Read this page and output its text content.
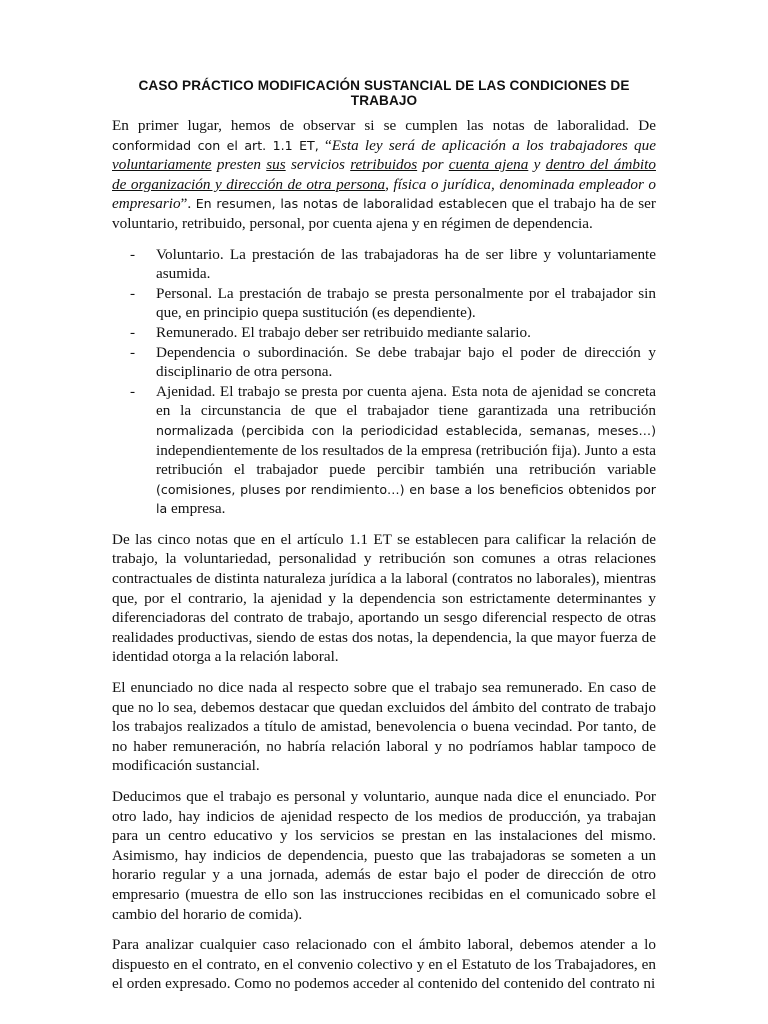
CASO PRÁCTICO MODIFICACIÓN SUSTANCIAL DE LAS CONDICIONES DE TRABAJO

En primer lugar, hemos de observar si se cumplen las notas de laboralidad. De conformidad con el art. 1.1 ET, “Esta ley será de aplicación a los trabajadores que voluntariamente presten sus servicios retribuidos por cuenta ajena y dentro del ámbito de organización y dirección de otra persona, física o jurídica, denominada empleador o empresario”. En resumen, las notas de laboralidad establecen que el trabajo ha de ser voluntario, retribuido, personal, por cuenta ajena y en régimen de dependencia.

- Voluntario. La prestación de las trabajadoras ha de ser libre y voluntariamente asumida.
- Personal. La prestación de trabajo se presta personalmente por el trabajador sin que, en principio quepa sustitución (es dependiente).
- Remunerado. El trabajo deber ser retribuido mediante salario.
- Dependencia o subordinación. Se debe trabajar bajo el poder de dirección y disciplinario de otra persona.
- Ajenidad. El trabajo se presta por cuenta ajena. Esta nota de ajenidad se concreta en la circunstancia de que el trabajador tiene garantizada una retribución normalizada (percibida con la periodicidad establecida, semanas, meses…) independientemente de los resultados de la empresa (retribución fija). Junto a esta retribución el trabajador puede percibir también una retribución variable (comisiones, pluses por rendimiento…) en base a los beneficios obtenidos por la empresa.

De las cinco notas que en el artículo 1.1 ET se establecen para calificar la relación de trabajo, la voluntariedad, personalidad y retribución son comunes a otras relaciones contractuales de distinta naturaleza jurídica a la laboral (contratos no laborales), mientras que, por el contrario, la ajenidad y la dependencia son estrictamente determinantes y diferenciadoras del contrato de trabajo, aportando un sesgo diferencial respecto de otras realidades productivas, siendo de estas dos notas, la dependencia, la que mayor fuerza de identidad otorga a la relación laboral.

El enunciado no dice nada al respecto sobre que el trabajo sea remunerado. En caso de que no lo sea, debemos destacar que quedan excluidos del ámbito del contrato de trabajo los trabajos realizados a título de amistad, benevolencia o buena vecindad. Por tanto, de no haber remuneración, no habría relación laboral y no podríamos hablar tampoco de modificación sustancial.

Deducimos que el trabajo es personal y voluntario, aunque nada dice el enunciado. Por otro lado, hay indicios de ajenidad respecto de los medios de producción, ya trabajan para un centro educativo y los servicios se prestan en las instalaciones del mismo. Asimismo, hay indicios de dependencia, puesto que las trabajadoras se someten a un horario regular y a una jornada, además de estar bajo el poder de dirección de otro empresario (muestra de ello son las instrucciones recibidas en el comunicado sobre el cambio del horario de comida).

Para analizar cualquier caso relacionado con el ámbito laboral, debemos atender a lo dispuesto en el contrato, en el convenio colectivo y en el Estatuto de los Trabajadores, en el orden expresado. Como no podemos acceder al contenido del contenido del contrato ni
